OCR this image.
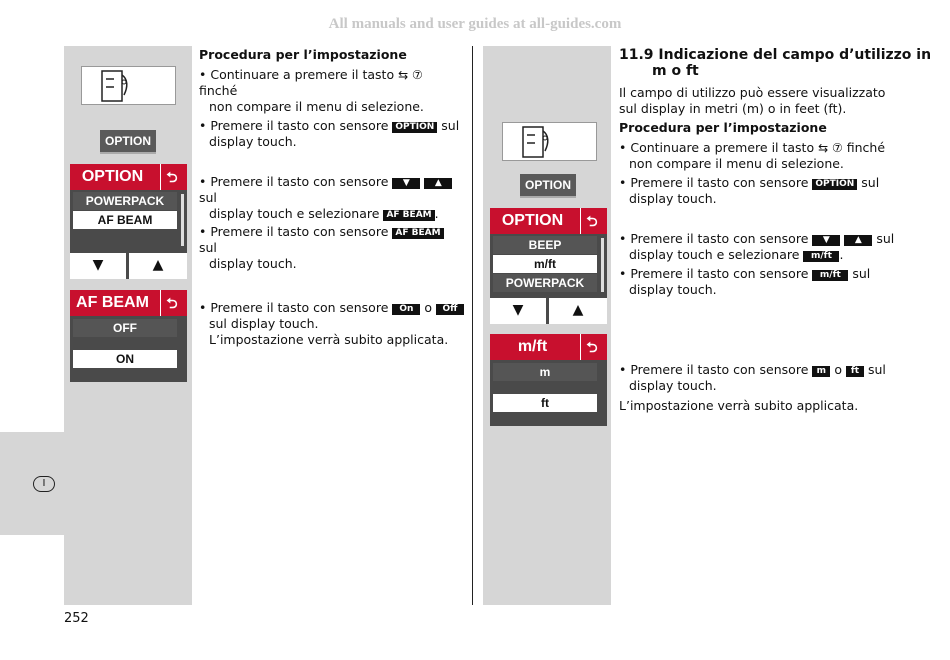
All manuals and user guides at all-guides.com
I
252
OPTION
OPTION	⮌
POWERPACK
AF BEAM
▼	▲
AF BEAM	⮌
OFF
ON
Procedura per l’impostazione
• Continuare a premere il tasto ⇆ ⑦ finché
non compare il menu di selezione.
• Premere il tasto con sensore OPTION sul
display touch.
• Premere il tasto con sensore ▼	▲ sul
display touch e selezionare AF BEAM .
• Premere il tasto con sensore AF BEAM sul
display touch.
• Premere il tasto con sensore On o Off
sul display touch.
L’impostazione verrà subito applicata.
OPTION
OPTION	⮌
BEEP
m/ft
POWERPACK
▼	▲
m/ft	⮌
m
ft
11.9 Indicazione del campo d’utilizzo in
m o ft
Il campo di utilizzo può essere visualizzato
sul display in metri (m) o in feet (ft).
Procedura per l’impostazione
• Continuare a premere il tasto ⇆ ⑦ finché
non compare il menu di selezione.
• Premere il tasto con sensore OPTION sul
display touch.
• Premere il tasto con sensore ▼	▲ sul
display touch e selezionare m/ft .
• Premere il tasto con sensore m/ft sul
display touch.
• Premere il tasto con sensore m o ft sul
display touch.
L’impostazione verrà subito applicata.
